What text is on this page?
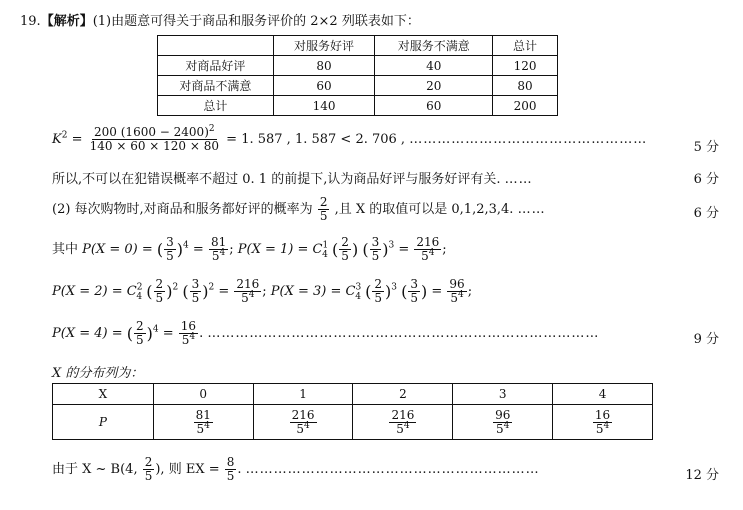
19.【解析】(1)由题意可得关于商品和服务评价的 2×2 列联表如下：
	对服务好评	对服务不满意	总计
对商品好评	80	40	120
对商品不满意	60	20	80
总计	140	60	200
$K^2 = \frac{200 (1600 - 2400)^2}{140 \times 60 \times 120 \times 80} = 1$. 587 , 1. 587 < 2. 706 , ……………………………………………
5 分
所以,不可以在犯错误概率不超过 0. 1 的前提下,认为商品好评与服务好评有关. ……	6 分
(2) 每次购物时,对商品和服务都好评的概率为 $\frac{2}{5}$ ,且 X 的取值可以是 0,1,2,3,4. ……	6 分
其中 P(X = 0) = ( $\frac{3}{5} )^4 = \frac{81}{5^4}$ ; $P(X = 1) = C^1_4$ ( $\frac{2}{5}$ ) ( $\frac{3}{5} )^3 = \frac{216}{5^4}$ ;
$P(X = 2) = C^2_4$ ( $\frac{2}{5} )^2$ ( $\frac{3}{5} )^2 = \frac{216}{5^4}$ ; $P(X = 3) = C^3_4$ ( $\frac{2}{5} )^3$ ( $\frac{3}{5}$ ) = $\frac{96}{5^4}$ ;
P(X = 4) = ( $\frac{2}{5} )^4 = \frac{16}{5^4}$ . …………………………………………………………………………	9 分
X 的分布列为：
X	0	1	2	3	4
P	$\frac{81}{5^4}$	$\frac{216}{5^4}$	$\frac{216}{5^4}$	$\frac{96}{5^4}$	$\frac{16}{5^4}$
由于 X ~ B(4, $\frac{2}{5}$ ), 则 EX = $\frac{8}{5}$ . ………………………………………………………	12 分
